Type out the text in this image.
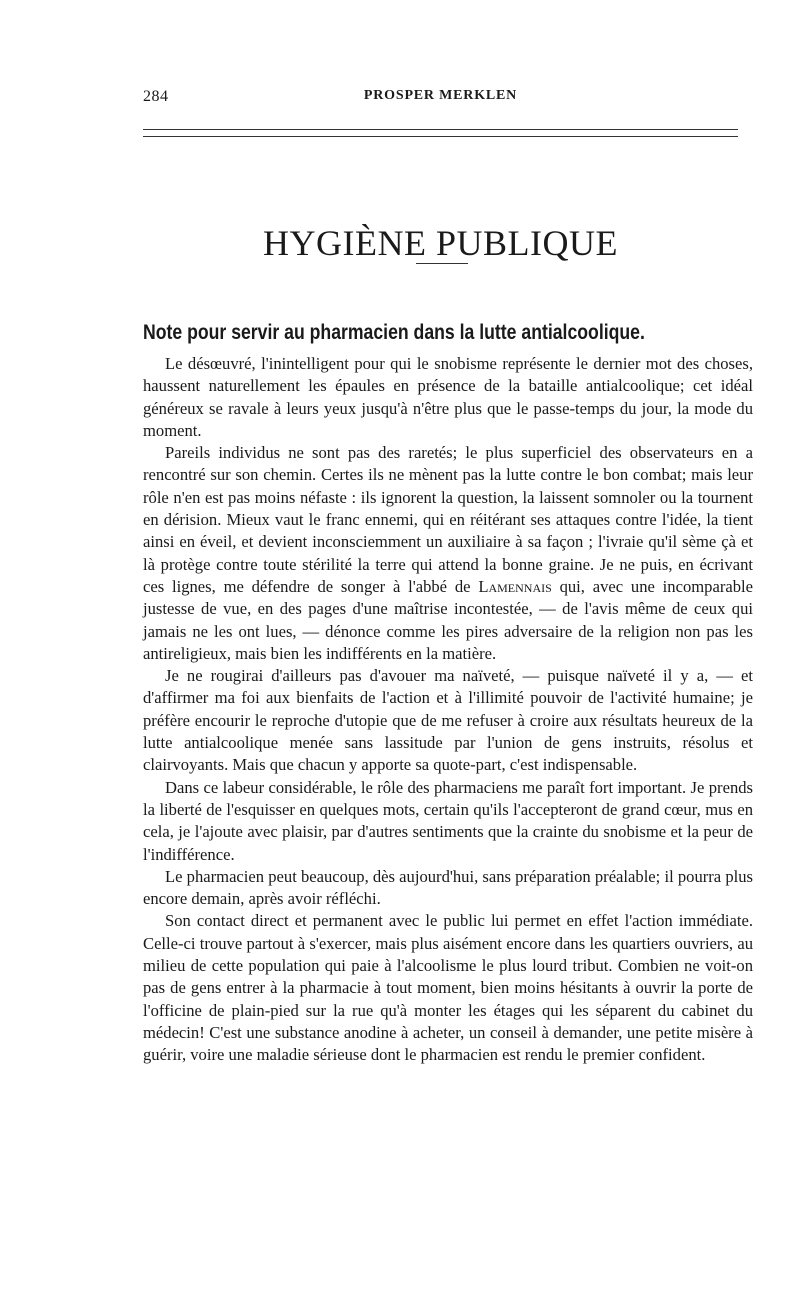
284	PROSPER MERKLEN
HYGIÈNE PUBLIQUE
Note pour servir au pharmacien dans la lutte antialcoolique.

Le désœuvré, l'inintelligent pour qui le snobisme représente le dernier mot des choses, haussent naturellement les épaules en présence de la bataille antialcoolique; cet idéal généreux se ravale à leurs yeux jusqu'à n'être plus que le passe-temps du jour, la mode du moment.

Pareils individus ne sont pas des raretés; le plus superficiel des observateurs en a rencontré sur son chemin. Certes ils ne mènent pas la lutte contre le bon combat; mais leur rôle n'en est pas moins néfaste : ils ignorent la question, la laissent somnoler ou la tournent en dérision. Mieux vaut le franc ennemi, qui en réitérant ses attaques contre l'idée, la tient ainsi en éveil, et devient inconsciemment un auxiliaire à sa façon ; l'ivraie qu'il sème çà et là protège contre toute stérilité la terre qui attend la bonne graine. Je ne puis, en écrivant ces lignes, me défendre de songer à l'abbé de Lamennais qui, avec une incomparable justesse de vue, en des pages d'une maîtrise incontestée, — de l'avis même de ceux qui jamais ne les ont lues, — dénonce comme les pires adversaire de la religion non pas les antireligieux, mais bien les indifférents en la matière.

Je ne rougirai d'ailleurs pas d'avouer ma naïveté, — puisque naïveté il y a, — et d'affirmer ma foi aux bienfaits de l'action et à l'illimité pouvoir de l'activité humaine; je préfère encourir le reproche d'utopie que de me refuser à croire aux résultats heureux de la lutte antialcoolique menée sans lassitude par l'union de gens instruits, résolus et clairvoyants. Mais que chacun y apporte sa quote-part, c'est indispensable.

Dans ce labeur considérable, le rôle des pharmaciens me paraît fort important. Je prends la liberté de l'esquisser en quelques mots, certain qu'ils l'accepteront de grand cœur, mus en cela, je l'ajoute avec plaisir, par d'autres sentiments que la crainte du snobisme et la peur de l'indifférence.

Le pharmacien peut beaucoup, dès aujourd'hui, sans préparation préalable; il pourra plus encore demain, après avoir réfléchi.

Son contact direct et permanent avec le public lui permet en effet l'action immédiate. Celle-ci trouve partout à s'exercer, mais plus aisément encore dans les quartiers ouvriers, au milieu de cette population qui paie à l'alcoolisme le plus lourd tribut. Combien ne voit-on pas de gens entrer à la pharmacie à tout moment, bien moins hésitants à ouvrir la porte de l'officine de plain-pied sur la rue qu'à monter les étages qui les séparent du cabinet du médecin! C'est une substance anodine à acheter, un conseil à demander, une petite misère à guérir, voire une maladie sérieuse dont le pharmacien est rendu le premier confident.
